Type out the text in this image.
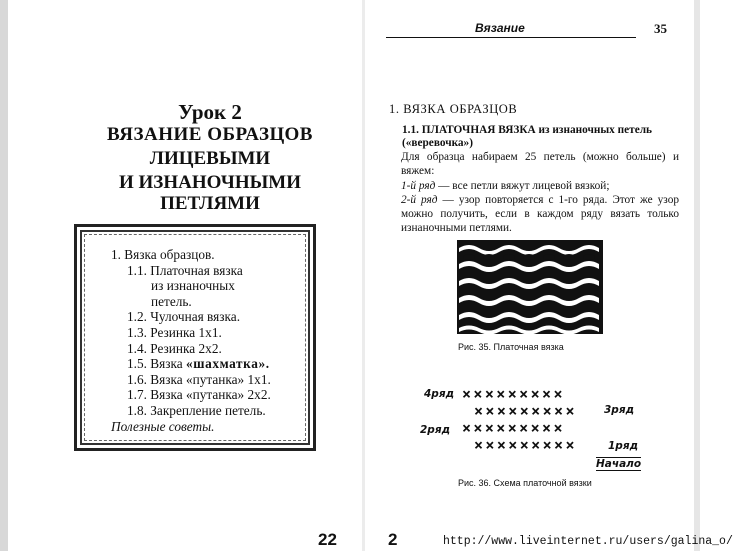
Урок 2
ВЯЗАНИЕ ОБРАЗЦОВ
ЛИЦЕВЫМИ
И ИЗНАНОЧНЫМИ
ПЕТЛЯМИ
1. Вязка образцов.
1.1. Платочная вязка
из изнаночных
петель.
1.2. Чулочная вязка.
1.3. Резинка 1х1.
1.4. Резинка 2х2.
1.5. Вязка «шахматка».
1.6. Вязка «путанка» 1х1.
1.7. Вязка «путанка» 2х2.
1.8. Закрепление петель.
Полезные советы.
22	2
Вязание	35
1. ВЯЗКА ОБРАЗЦОВ
1.1. ПЛАТОЧНАЯ ВЯЗКА из изнаночных петель («веревочка»)
Для образца набираем 25 петель (можно больше) и вяжем:
1-й ряд — все петли вяжут лицевой вязкой;
2-й ряд — узор повторяется с 1-го ряда. Этот же узор можно получить, если в каждом ряду вязать только изнаночными петлями.
Рис. 35. Платочная вязка
4ряд
3ряд
2ряд
1ряд
Начало
×××××××××
×××××××××
×××××××××
×××××××××
Рис. 36. Схема платочной вязки
http://www.liveinternet.ru/users/galina_o/
